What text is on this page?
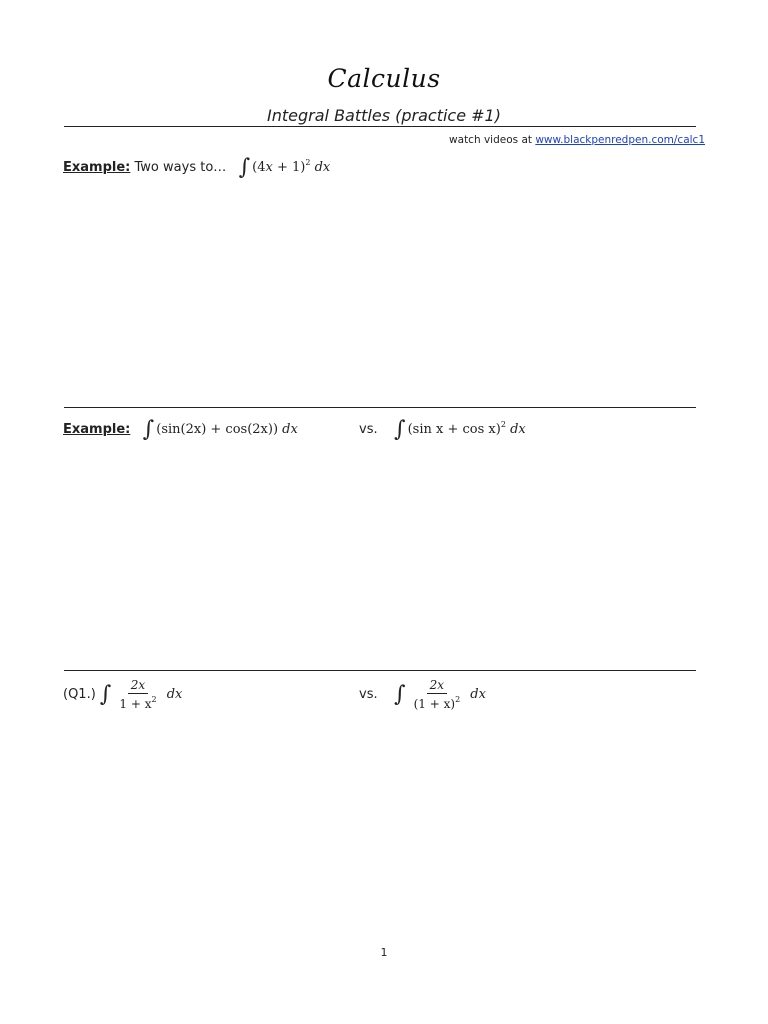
Calculus
Integral Battles (practice #1)
watch videos at www.blackpenredpen.com/calc1
Example: Two ways to… ∫ $(4x + 1)^2$ dx
Example: ∫ (sin(2x) + cos(2x)) dx	vs. ∫ (sin x + cos x)$^2$ dx
(Q1.) ∫ $\frac{2x}{1 + x^2}$ dx	vs. ∫ $\frac{2x}{(1 + x)^2}$ dx
1
